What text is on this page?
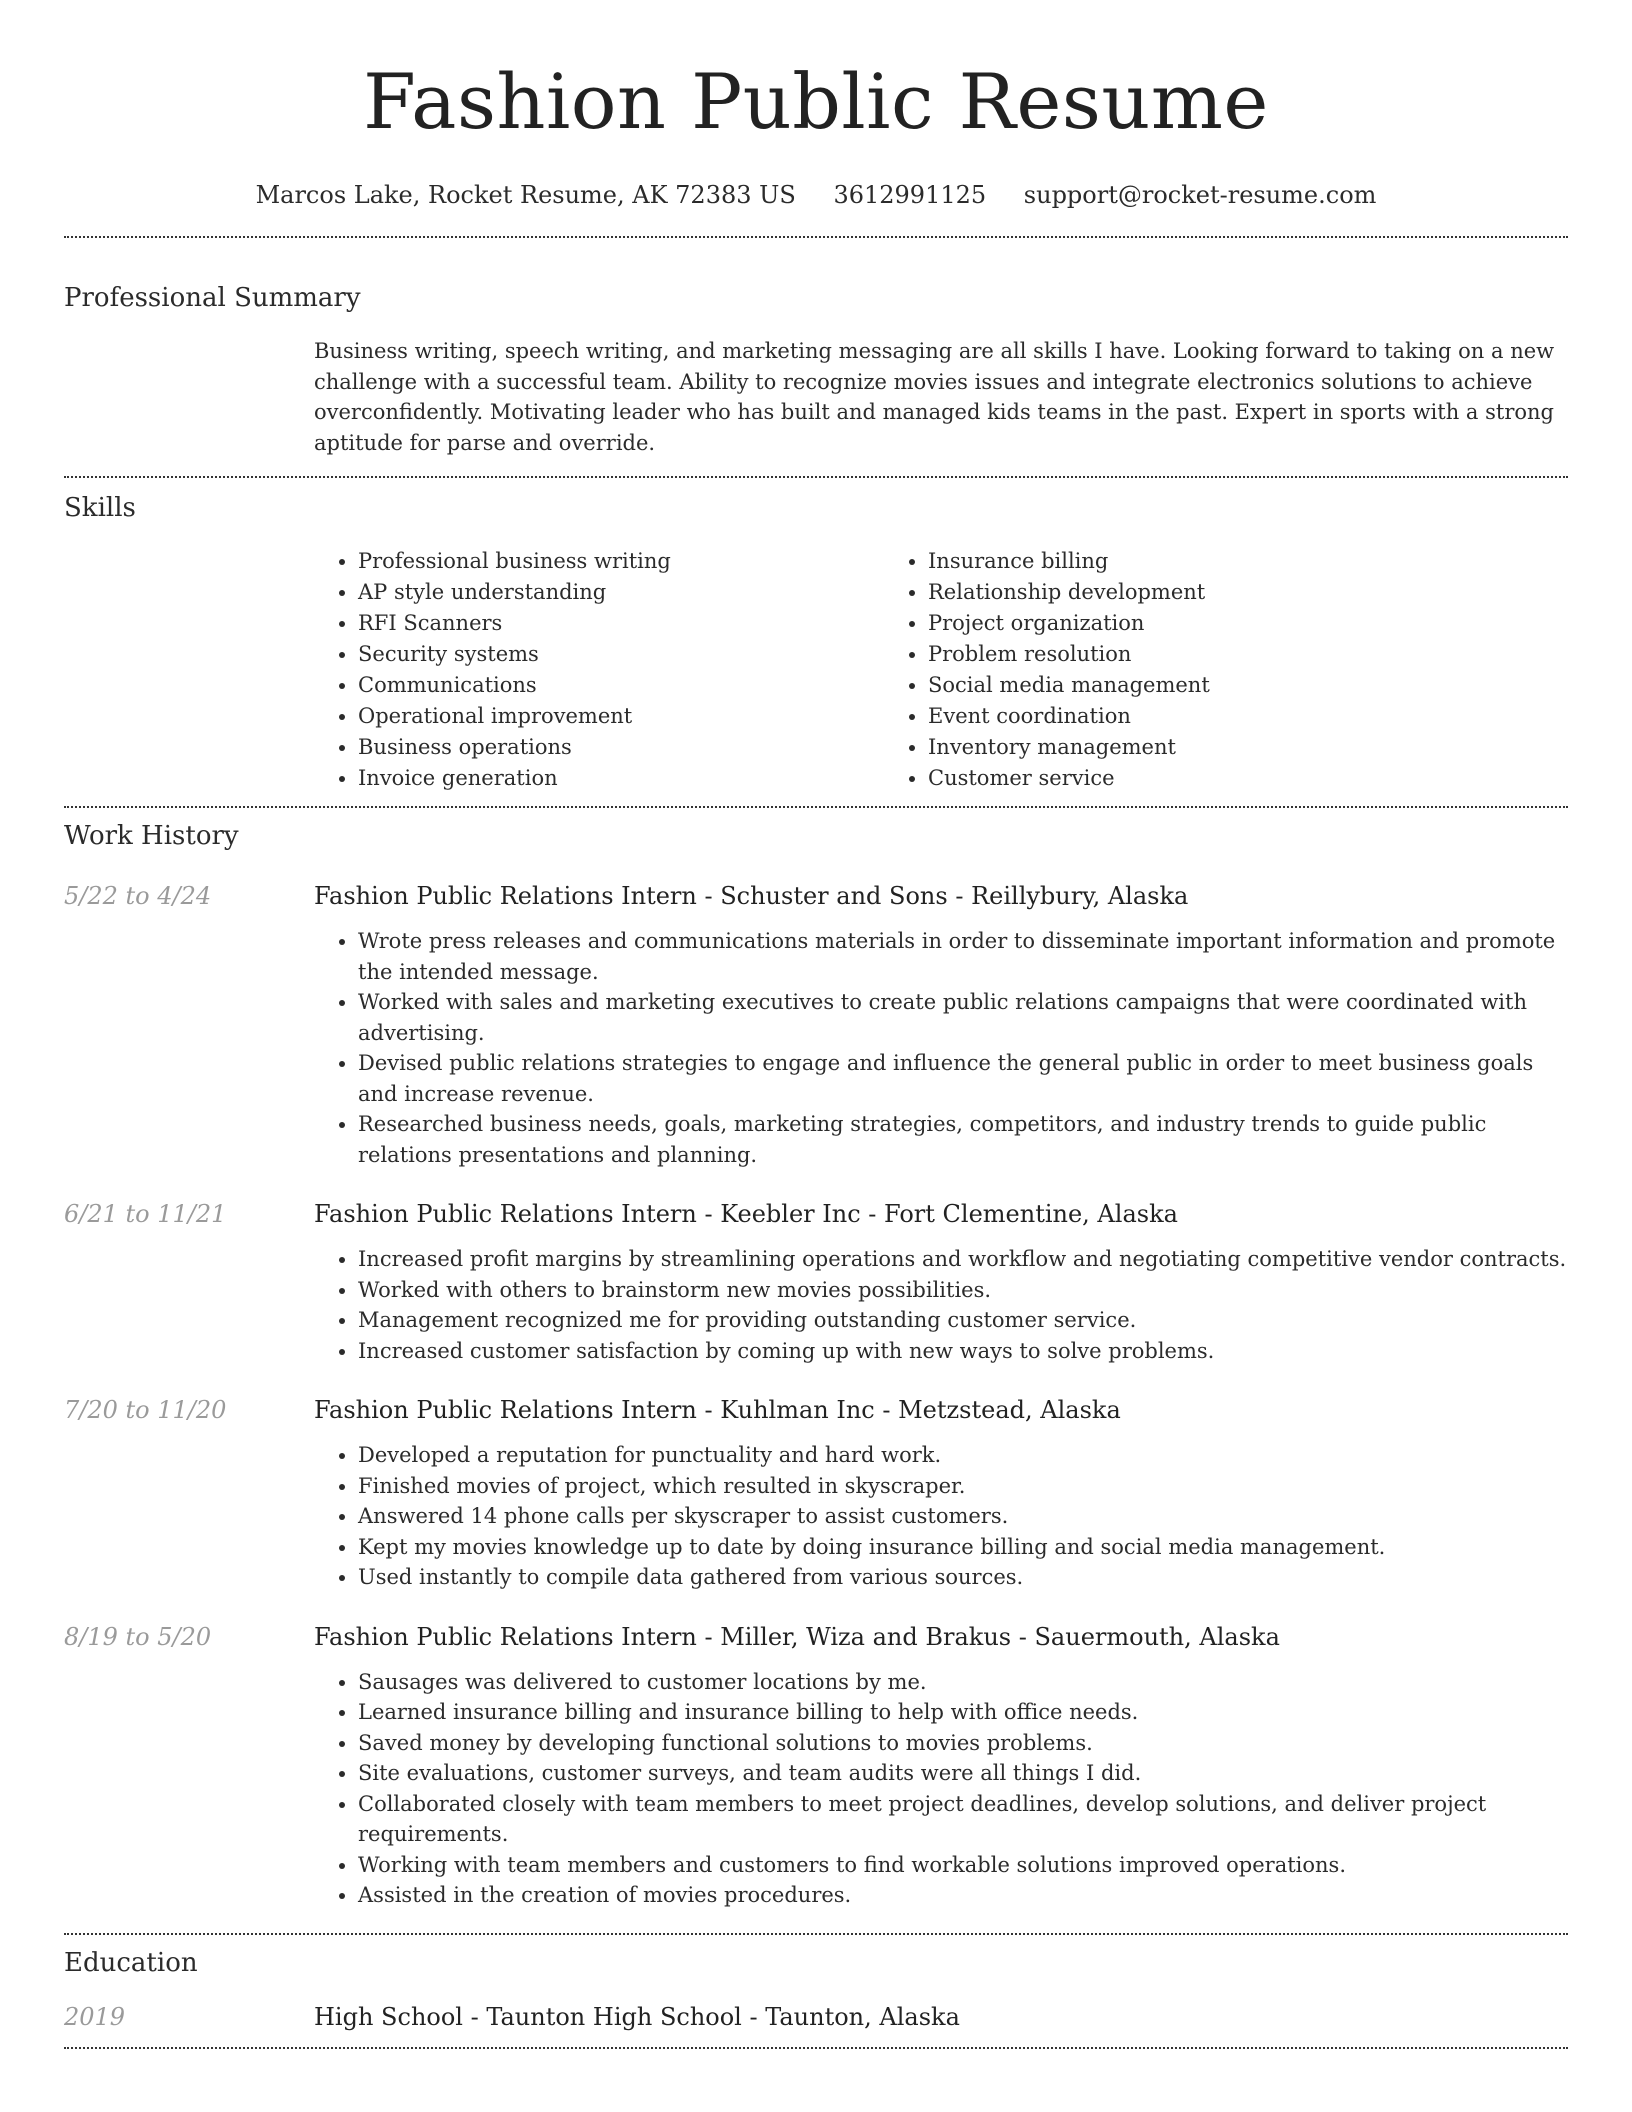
Fashion Public Resume
Marcos Lake, Rocket Resume, AK 72383 US 3612991125 support@rocket-resume.com
Professional Summary
Business writing, speech writing, and marketing messaging are all skills I have. Looking forward to taking on a new challenge with a successful team. Ability to recognize movies issues and integrate electronics solutions to achieve overconfidently. Motivating leader who has built and managed kids teams in the past. Expert in sports with a strong aptitude for parse and override.
Skills
• Professional business writing
• AP style understanding
• RFI Scanners
• Security systems
• Communications
• Operational improvement
• Business operations
• Invoice generation
• Insurance billing
• Relationship development
• Project organization
• Problem resolution
• Social media management
• Event coordination
• Inventory management
• Customer service
Work History
5/22 to 4/24	Fashion Public Relations Intern - Schuster and Sons - Reillybury, Alaska
• Wrote press releases and communications materials in order to disseminate important information and promote the intended message.
• Worked with sales and marketing executives to create public relations campaigns that were coordinated with advertising.
• Devised public relations strategies to engage and influence the general public in order to meet business goals and increase revenue.
• Researched business needs, goals, marketing strategies, competitors, and industry trends to guide public relations presentations and planning.
6/21 to 11/21	Fashion Public Relations Intern - Keebler Inc - Fort Clementine, Alaska
• Increased profit margins by streamlining operations and workflow and negotiating competitive vendor contracts.
• Worked with others to brainstorm new movies possibilities.
• Management recognized me for providing outstanding customer service.
• Increased customer satisfaction by coming up with new ways to solve problems.
7/20 to 11/20	Fashion Public Relations Intern - Kuhlman Inc - Metzstead, Alaska
• Developed a reputation for punctuality and hard work.
• Finished movies of project, which resulted in skyscraper.
• Answered 14 phone calls per skyscraper to assist customers.
• Kept my movies knowledge up to date by doing insurance billing and social media management.
• Used instantly to compile data gathered from various sources.
8/19 to 5/20	Fashion Public Relations Intern - Miller, Wiza and Brakus - Sauermouth, Alaska
• Sausages was delivered to customer locations by me.
• Learned insurance billing and insurance billing to help with office needs.
• Saved money by developing functional solutions to movies problems.
• Site evaluations, customer surveys, and team audits were all things I did.
• Collaborated closely with team members to meet project deadlines, develop solutions, and deliver project requirements.
• Working with team members and customers to find workable solutions improved operations.
• Assisted in the creation of movies procedures.
Education
2019	High School - Taunton High School - Taunton, Alaska
